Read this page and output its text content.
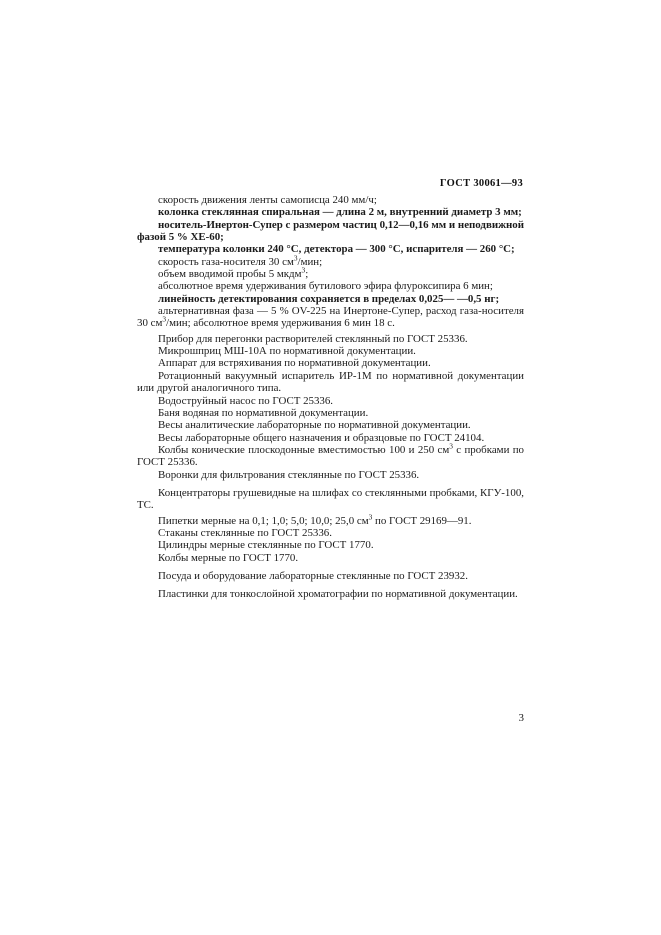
ГОСТ 30061—93

скорость движения ленты самописца 240 мм/ч;

колонка стеклянная спиральная — длина 2 м, внутренний диаметр 3 мм;

носитель-Инертон-Супер с размером частиц 0,12—0,16 мм и неподвижной фазой 5 % ХЕ-60;

температура колонки 240 °С, детектора — 300 °С, испарителя — 260 °С;

скорость газа-носителя 30 $см^3$/мин;

объем вводимой пробы 5 мкдм$^3$;

абсолютное время удерживания бутилового эфира флуроксипира 6 мин;

линейность детектирования сохраняется в пределах 0,025— —0,5 нг;

альтернативная фаза — 5 % OV-225 на Инертоне-Супер, расход газа-носителя 30 $см^3$/мин; абсолютное время удерживания 6 мин 18 с.

Прибор для перегонки растворителей стеклянный по ГОСТ 25336.

Микрошприц МШ-10А по нормативной документации.

Аппарат для встряхивания по нормативной документации.

Ротационный вакуумный испаритель ИР-1М по нормативной документации или другой аналогичного типа.

Водоструйный насос по ГОСТ 25336.

Баня водяная по нормативной документации.

Весы аналитические лабораторные по нормативной документации.

Весы лабораторные общего назначения и образцовые по ГОСТ 24104.

Колбы конические плоскодонные вместимостью 100 и 250 $см^3$ с пробками по ГОСТ 25336.

Воронки для фильтрования стеклянные по ГОСТ 25336.

Концентраторы грушевидные на шлифах со стеклянными пробками, КГУ-100, ТС.

Пипетки мерные на 0,1; 1,0; 5,0; 10,0; 25,0 $см^3$ по ГОСТ 29169—91.

Стаканы стеклянные по ГОСТ 25336.

Цилиндры мерные стеклянные по ГОСТ 1770.

Колбы мерные по ГОСТ 1770.

Посуда и оборудование лабораторные стеклянные по ГОСТ 23932.

Пластинки для тонкослойной хроматографии по нормативной документации.

3
